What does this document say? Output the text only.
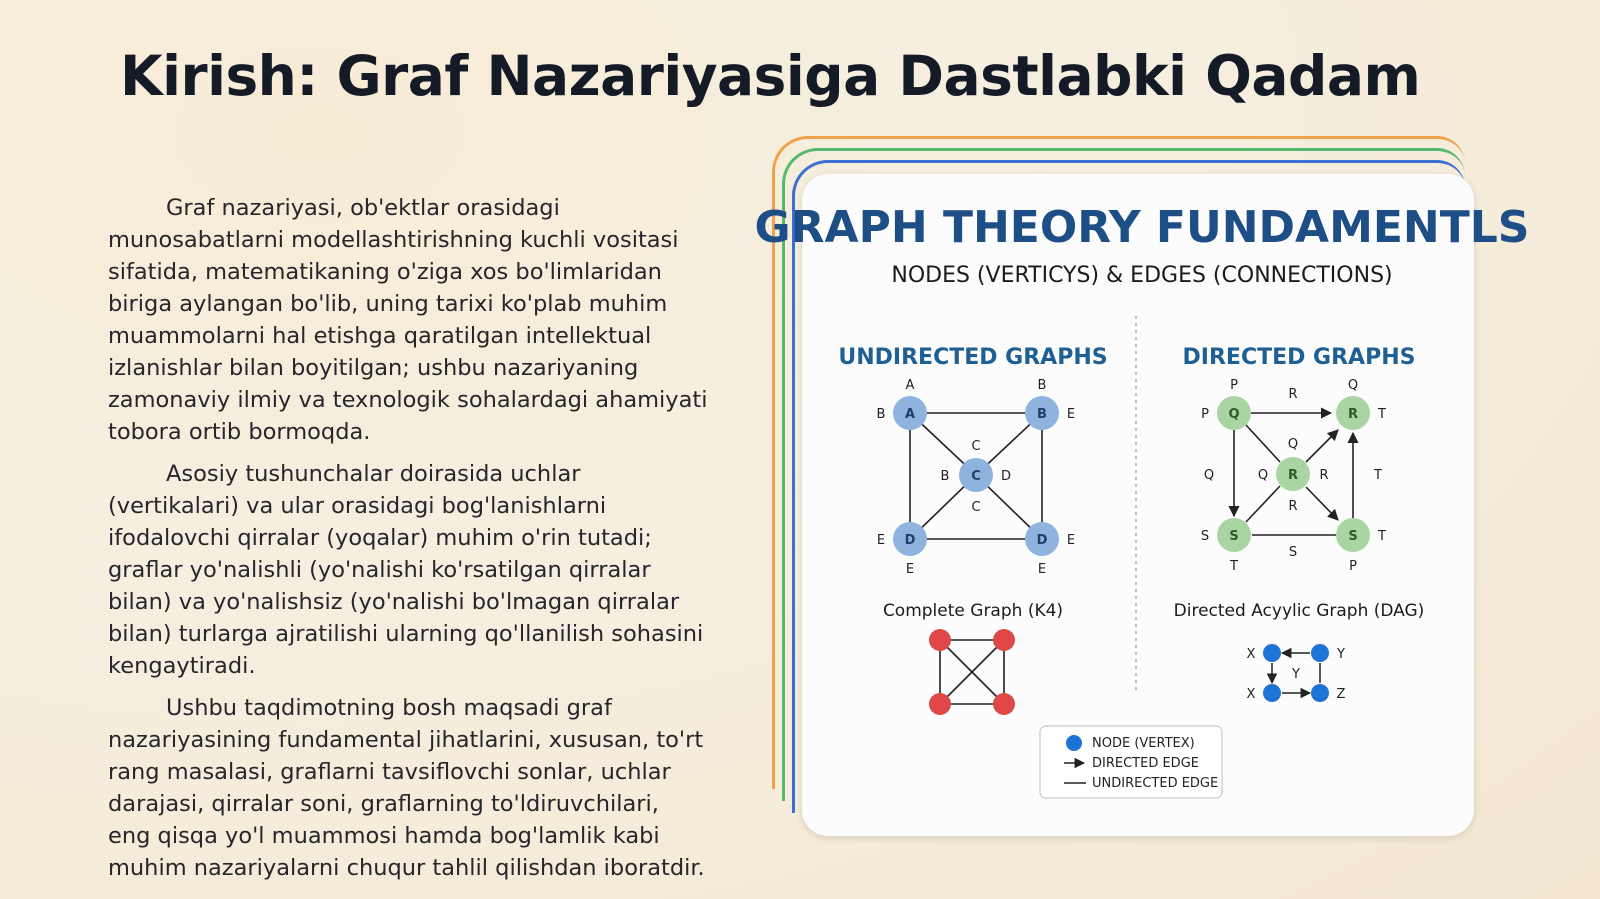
Kirish: Graf Nazariyasiga Dastlabki Qadam

Graf nazariyasi, ob'ektlar orasidagi munosabatlarni modellashtirishning kuchli vositasi sifatida, matematikaning o'ziga xos bo'limlaridan biriga aylangan bo'lib, uning tarixi ko'plab muhim muammolarni hal etishga qaratilgan intellektual izlanishlar bilan boyitilgan; ushbu nazariyaning zamonaviy ilmiy va texnologik sohalardagi ahamiyati tobora ortib bormoqda.

Asosiy tushunchalar doirasida uchlar (vertikalari) va ular orasidagi bog'lanishlarni ifodalovchi qirralar (yoqalar) muhim o'rin tutadi; graflar yo'nalishli (yo'nalishi ko'rsatilgan qirralar bilan) va yo'nalishsiz (yo'nalishi bo'lmagan qirralar bilan) turlarga ajratilishi ularning qo'llanilish sohasini kengaytiradi.

Ushbu taqdimotning bosh maqsadi graf nazariyasining fundamental jihatlarini, xususan, to'rt rang masalasi, graflarni tavsiflovchi sonlar, uchlar darajasi, qirralar soni, graflarning to'ldiruvchilari, eng qisqa yo'l muammosi hamda bog'lamlik kabi muhim nazariyalarni chuqur tahlil qilishdan iboratdir.

GRAPH THEORY FUNDAMENTLS
NODES (VERTICYS) & EDGES (CONNECTIONS)
UNDIRECTED GRAPHS	DIRECTED GRAPHS
A	B
C
D	D
A
B
B
E
C
B	D
C
E
E
E
E
Q	R
R
S	S
P
P
Q
T
R
Q
Q	R
R
Q	T
S
T
S
T
P
Complete Graph (K4)	Directed Acyylic Graph (DAG)
X	Y
Y
X	Z
NODE (VERTEX)
DIRECTED EDGE
UNDIRECTED EDGE
